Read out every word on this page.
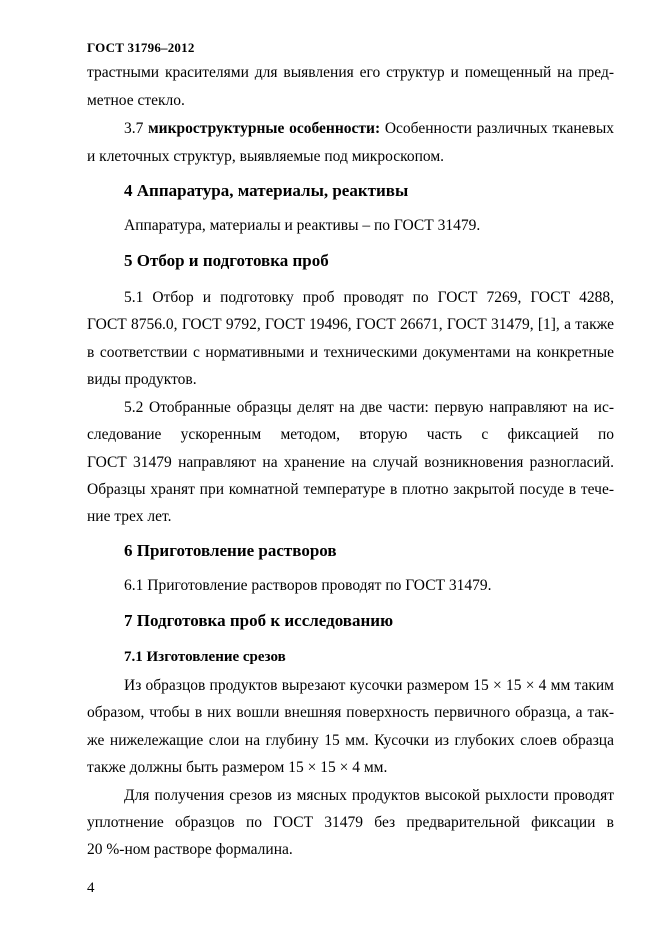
ГОСТ 31796–2012
трастными красителями для выявления его структур и помещенный на пред-
метное стекло.
3.7 микроструктурные особенности: Особенности различных тканевых
и клеточных структур, выявляемые под микроскопом.
4 Аппаратура, материалы, реактивы
Аппаратура, материалы и реактивы – по ГОСТ 31479.
5 Отбор и подготовка проб
5.1 Отбор и подготовку проб проводят по ГОСТ 7269, ГОСТ 4288,
ГОСТ 8756.0, ГОСТ 9792, ГОСТ 19496, ГОСТ 26671, ГОСТ 31479, [1], а также
в соответствии с нормативными и техническими документами на конкретные
виды продуктов.
5.2 Отобранные образцы делят на две части: первую направляют на ис-
следование ускоренным методом, вторую часть с фиксацией по
ГОСТ 31479 направляют на хранение на случай возникновения разногласий.
Образцы хранят при комнатной температуре в плотно закрытой посуде в тече-
ние трех лет.
6 Приготовление растворов
6.1 Приготовление растворов проводят по ГОСТ 31479.
7 Подготовка проб к исследованию
7.1 Изготовление срезов
Из образцов продуктов вырезают кусочки размером 15 × 15 × 4 мм таким
образом, чтобы в них вошли внешняя поверхность первичного образца, а так-
же нижележащие слои на глубину 15 мм. Кусочки из глубоких слоев образца
также должны быть размером 15 × 15 × 4 мм.
Для получения срезов из мясных продуктов высокой рыхлости проводят
уплотнение образцов по ГОСТ 31479 без предварительной фиксации в
20 %-ном растворе формалина.
4
